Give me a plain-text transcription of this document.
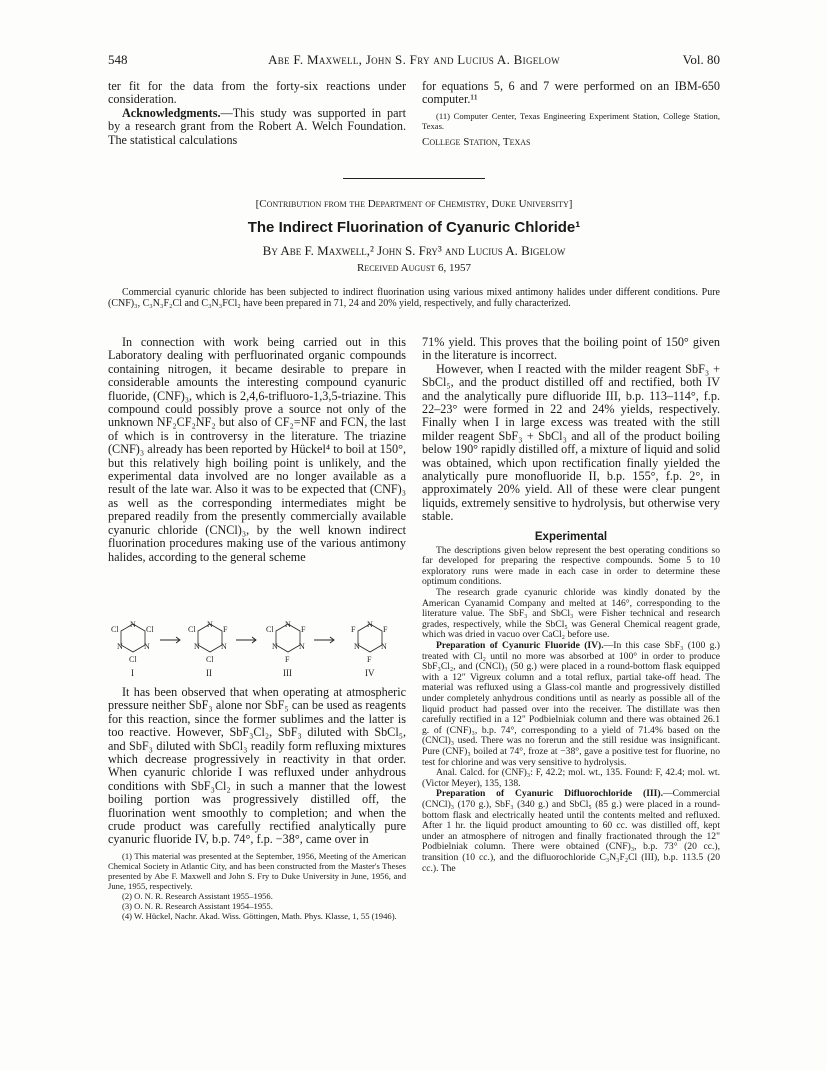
548	Abe F. Maxwell, John S. Fry and Lucius A. Bigelow	Vol. 80

ter fit for the data from the forty-six reactions under consideration.

Acknowledgments.—This study was supported in part by a research grant from the Robert A. Welch Foundation. The statistical calculations

for equations 5, 6 and 7 were performed on an IBM-650 computer.¹¹

(11) Computer Center, Texas Engineering Experiment Station, College Station, Texas.

College Station, Texas

[Contribution from the Department of Chemistry, Duke University]
The Indirect Fluorination of Cyanuric Chloride¹
By Abe F. Maxwell,² John S. Fry³ and Lucius A. Bigelow
Received August 6, 1957

Commercial cyanuric chloride has been subjected to indirect fluorination using various mixed antimony halides under different conditions. Pure (CNF)₃, C₃N₃F₂Cl and C₃N₃FCl₂ have been prepared in 71, 24 and 20% yield, respectively, and fully characterized.

In connection with work being carried out in this Laboratory dealing with perfluorinated organic compounds containing nitrogen, it became desirable to prepare in considerable amounts the interesting compound cyanuric fluoride, (CNF)₃, which is 2,4,6-trifluoro-1,3,5-triazine. This compound could possibly prove a source not only of the unknown NF₂CF₂NF₂ but also of CF₂=NF and FCN, the last of which is in controversy in the literature. The triazine (CNF)₃ already has been reported by Hückel⁴ to boil at 150°, but this relatively high boiling point is unlikely, and the experimental data involved are no longer available as a result of the late war. Also it was to be expected that (CNF)₃ as well as the corresponding intermediates might be prepared readily from the presently commercially available cyanuric chloride (CNCl)₃, by the well known indirect fluorination procedures making use of the various antimony halides, according to the general scheme

N
Cl	Cl
N	N
Cl
N
Cl	F
N	N
Cl
N
Cl	F
N	N
F
N
F	F
N	N
F
I	II	III	IV

It has been observed that when operating at atmospheric pressure neither SbF₃ alone nor SbF₅ can be used as reagents for this reaction, since the former sublimes and the latter is too reactive. However, SbF₃Cl₂, SbF₃ diluted with SbCl₅, and SbF₃ diluted with SbCl₃ readily form refluxing mixtures which decrease progressively in reactivity in that order. When cyanuric chloride I was refluxed under anhydrous conditions with SbF₃Cl₂ in such a manner that the lowest boiling portion was progressively distilled off, the fluorination went smoothly to completion; and when the crude product was carefully rectified analytically pure cyanuric fluoride IV, b.p. 74°, f.p. −38°, came over in

(1) This material was presented at the September, 1956, Meeting of the American Chemical Society in Atlantic City, and has been constructed from the Master's Theses presented by Abe F. Maxwell and John S. Fry to Duke University in June, 1956, and June, 1955, respectively.

(2) O. N. R. Research Assistant 1955–1956.

(3) O. N. R. Research Assistant 1954–1955.

(4) W. Hückel, Nachr. Akad. Wiss. Göttingen, Math. Phys. Klasse, 1, 55 (1946).

71% yield. This proves that the boiling point of 150° given in the literature is incorrect.

However, when I reacted with the milder reagent SbF₃ + SbCl₅, and the product distilled off and rectified, both IV and the analytically pure difluoride III, b.p. 113–114°, f.p. 22–23° were formed in 22 and 24% yields, respectively. Finally when I in large excess was treated with the still milder reagent SbF₃ + SbCl₃ and all of the product boiling below 190° rapidly distilled off, a mixture of liquid and solid was obtained, which upon rectification finally yielded the analytically pure monofluoride II, b.p. 155°, f.p. 2°, in approximately 20% yield. All of these were clear pungent liquids, extremely sensitive to hydrolysis, but otherwise very stable.

Experimental

The descriptions given below represent the best operating conditions so far developed for preparing the respective compounds. Some 5 to 10 exploratory runs were made in each case in order to determine these optimum conditions.

The research grade cyanuric chloride was kindly donated by the American Cyanamid Company and melted at 146°, corresponding to the literature value. The SbF₃ and SbCl₃ were Fisher technical and research grades, respectively, while the SbCl₅ was General Chemical reagent grade, which was dried in vacuo over CaCl₂ before use.

Preparation of Cyanuric Fluoride (IV).—In this case SbF₃ (100 g.) treated with Cl₂ until no more was absorbed at 100° in order to produce SbF₃Cl₂, and (CNCl)₃ (50 g.) were placed in a round-bottom flask equipped with a 12" Vigreux column and a total reflux, partial take-off head. The material was refluxed using a Glass-col mantle and progressively distilled under completely anhydrous conditions until as nearly as possible all of the liquid product had passed over into the receiver. The distillate was then carefully rectified in a 12" Podbielniak column and there was obtained 26.1 g. of (CNF)₃, b.p. 74°, corresponding to a yield of 71.4% based on the (CNCl)₃ used. There was no forerun and the still residue was insignificant. Pure (CNF)₃ boiled at 74°, froze at −38°, gave a positive test for fluorine, no test for chlorine and was very sensitive to hydrolysis.

Anal. Calcd. for (CNF)₃: F, 42.2; mol. wt., 135. Found: F, 42.4; mol. wt. (Victor Meyer), 135, 138.

Preparation of Cyanuric Difluorochloride (III).—Commercial (CNCl)₃ (170 g.), SbF₃ (340 g.) and SbCl₅ (85 g.) were placed in a round-bottom flask and electrically heated until the contents melted and refluxed. After 1 hr. the liquid product amounting to 60 cc. was distilled off, kept under an atmosphere of nitrogen and finally fractionated through the 12" Podbielniak column. There were obtained (CNF)₃, b.p. 73° (20 cc.), transition (10 cc.), and the difluorochloride C₃N₃F₂Cl (III), b.p. 113.5 (20 cc.). The
